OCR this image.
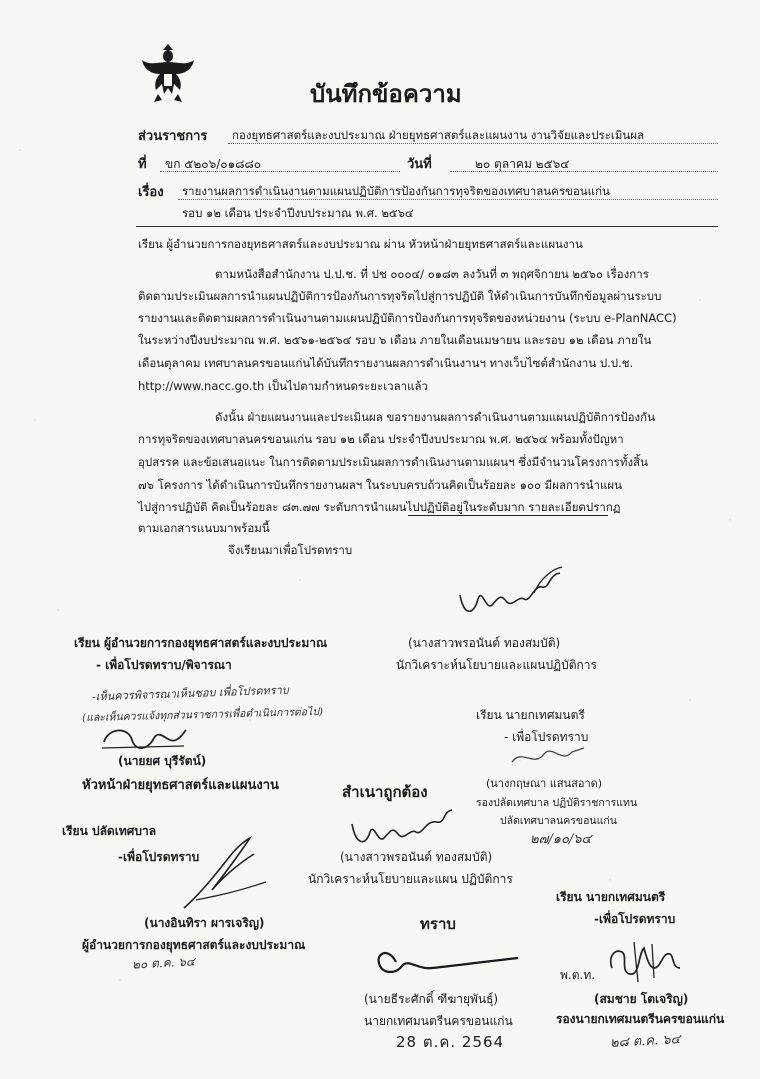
บันทึกข้อความ
ส่วนราชการ กองยุทธศาสตร์และงบประมาณ ฝ่ายยุทธศาสตร์และแผนงาน งานวิจัยและประเมินผล
ที่ ขก ๕๒๐๖/๐๑๘๘๐	วันที่	๒๐ ตุลาคม ๒๕๖๔
เรื่อง รายงานผลการดำเนินงานตามแผนปฏิบัติการป้องกันการทุจริตของเทศบาลนครขอนแก่น
รอบ ๑๒ เดือน ประจำปีงบประมาณ พ.ศ. ๒๕๖๔
เรียน ผู้อำนวยการกองยุทธศาสตร์และงบประมาณ ผ่าน หัวหน้าฝ่ายยุทธศาสตร์และแผนงาน
ตามหนังสือสำนักงาน ป.ป.ช. ที่ ปช ๐๐๐๔/ ๐๑๘๓ ลงวันที่ ๓ พฤศจิกายน ๒๕๖๐ เรื่องการ
ติดตามประเมินผลการนำแผนปฏิบัติการป้องกันการทุจริตไปสู่การปฏิบัติ ให้ดำเนินการบันทึกข้อมูลผ่านระบบ
รายงานและติดตามผลการดำเนินงานตามแผนปฏิบัติการป้องกันการทุจริตของหน่วยงาน (ระบบ e-PlanNACC)
ในระหว่างปีงบประมาณ พ.ศ. ๒๕๖๑-๒๕๖๔ รอบ ๖ เดือน ภายในเดือนเมษายน และรอบ ๑๒ เดือน ภายใน
เดือนตุลาคม เทศบาลนครขอนแก่นได้บันทึกรายงานผลการดำเนินงานฯ ทางเว็บไซต์สำนักงาน ป.ป.ช.
http://www.nacc.go.th เป็นไปตามกำหนดระยะเวลาแล้ว
ดังนั้น ฝ่ายแผนงานและประเมินผล ขอรายงานผลการดำเนินงานตามแผนปฏิบัติการป้องกัน
การทุจริตของเทศบาลนครขอนแก่น รอบ ๑๒ เดือน ประจำปีงบประมาณ พ.ศ. ๒๕๖๔ พร้อมทั้งปัญหา
อุปสรรค และข้อเสนอแนะ ในการติดตามประเมินผลการดำเนินงานตามแผนฯ ซึ่งมีจำนวนโครงการทั้งสิ้น
๗๖ โครงการ ได้ดำเนินการบันทึกรายงานผลฯ ในระบบครบถ้วนคิดเป็นร้อยละ ๑๐๐ มีผลการนำแผน
ไปสู่การปฏิบัติ คิดเป็นร้อยละ ๘๓.๗๗ ระดับการนำแผนไปปฏิบัติอยู่ในระดับมาก รายละเอียดปรากฏ
ตามเอกสารแนบมาพร้อมนี้
จึงเรียนมาเพื่อโปรดทราบ
(นางสาวพรอนันต์ ทองสมบัติ)
นักวิเคราะห์นโยบายและแผนปฏิบัติการ
เรียน ผู้อำนวยการกองยุทธศาสตร์และงบประมาณ
- เพื่อโปรดทราบ/พิจารณา
-เห็นควรพิจารณาเห็นชอบ เพื่อโปรดทราบ
(และเห็นควรแจ้งทุกส่วนราชการเพื่อดำเนินการต่อไป)
(นายยศ บุรีรัตน์)
หัวหน้าฝ่ายยุทธศาสตร์และแผนงาน	สำเนาถูกต้อง
(นางสาวพรอนันต์ ทองสมบัติ)
นักวิเคราะห์นโยบายและแผน ปฏิบัติการ
เรียน นายกเทศมนตรี
- เพื่อโปรดทราบ
(นางกฤษณา แสนสอาด)
รองปลัดเทศบาล ปฏิบัติราชการแทน
ปลัดเทศบาลนครขอนแก่น
๒๗/๑๐/๖๔
เรียน ปลัดเทศบาล
-เพื่อโปรดทราบ
(นางอินทิรา ผารเจริญ)
ผู้อำนวยการกองยุทธศาสตร์และงบประมาณ
๒๐ ต.ค. ๖๔
ทราบ
(นายธีระศักดิ์ ฑีฆายุพันธุ์)
นายกเทศมนตรีนครขอนแก่น
28 ต.ค. 2564
เรียน นายกเทศมนตรี
-เพื่อโปรดทราบ
พ.ต.ท.
(สมชาย โตเจริญ)
รองนายกเทศมนตรีนครขอนแก่น
๒๘ ต.ค. ๖๔
